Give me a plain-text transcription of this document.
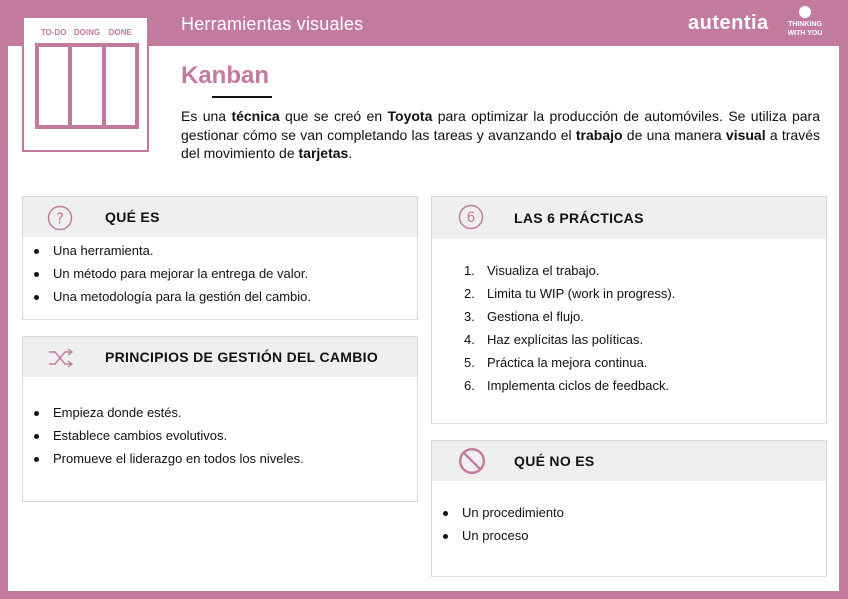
Herramientas visuales	autentia	THINKING
WITH YOU
TO-DO DOING	DONE
Kanban
Es una técnica que se creó en Toyota para optimizar la producción de automóviles. Se utiliza para gestionar cómo se van completando las tareas y avanzando el trabajo de una manera visual a través del movimiento de tarjetas.
?	QUÉ ES
Una herramienta.
Un método para mejorar la entrega de valor.
Una metodología para la gestión del cambio.
PRINCIPIOS DE GESTIÓN DEL CAMBIO
Empieza donde estés.
Establece cambios evolutivos.
Promueve el liderazgo en todos los niveles.
6	LAS 6 PRÁCTICAS
1. Visualiza el trabajo.
2. Limita tu WIP (work in progress).
3. Gestiona el flujo.
4. Haz explícitas las políticas.
5. Práctica la mejora continua.
6. Implementa ciclos de feedback.
QUÉ NO ES
Un procedimiento
Un proceso
